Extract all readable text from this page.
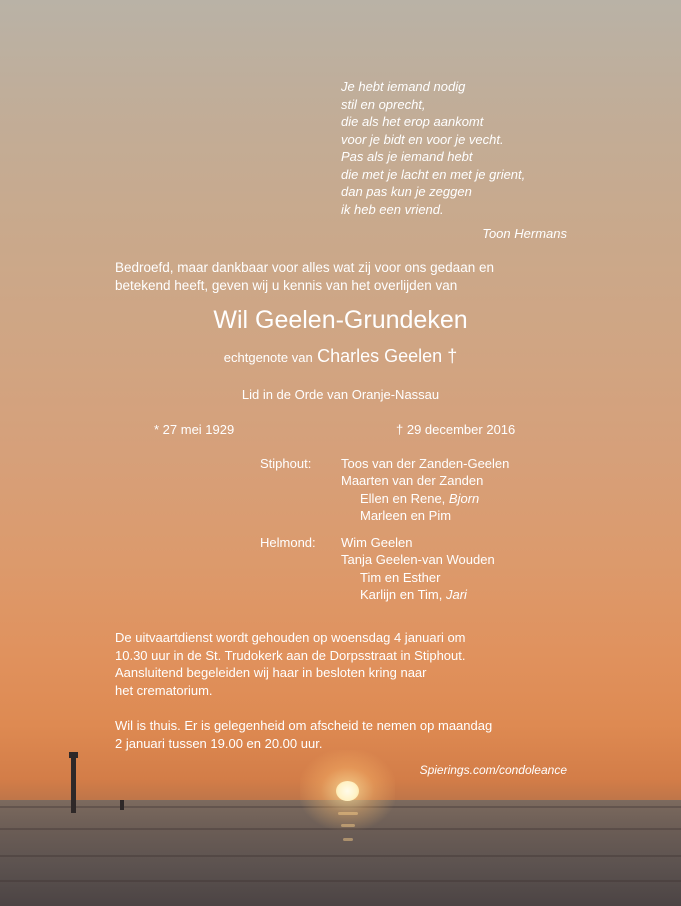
Je hebt iemand nodig
stil en oprecht,
die als het erop aankomt
voor je bidt en voor je vecht.
Pas als je iemand hebt
die met je lacht en met je grient,
dan pas kun je zeggen
ik heb een vriend.
Toon Hermans
Bedroefd, maar dankbaar voor alles wat zij voor ons gedaan en
betekend heeft, geven wij u kennis van het overlijden van
Wil Geelen-Grundeken
echtgenote van Charles Geelen †
Lid in de Orde van Oranje-Nassau
* 27 mei 1929	† 29 december 2016
Stiphout: Toos van der Zanden-Geelen
Maarten van der Zanden
Ellen en Rene, Bjorn
Marleen en Pim
Helmond: Wim Geelen
Tanja Geelen-van Wouden
Tim en Esther
Karlijn en Tim, Jari
De uitvaartdienst wordt gehouden op woensdag 4 januari om
10.30 uur in de St. Trudokerk aan de Dorpsstraat in Stiphout.
Aansluitend begeleiden wij haar in besloten kring naar
het crematorium.
Wil is thuis. Er is gelegenheid om afscheid te nemen op maandag
2 januari tussen 19.00 en 20.00 uur.
Spierings.com/condoleance
